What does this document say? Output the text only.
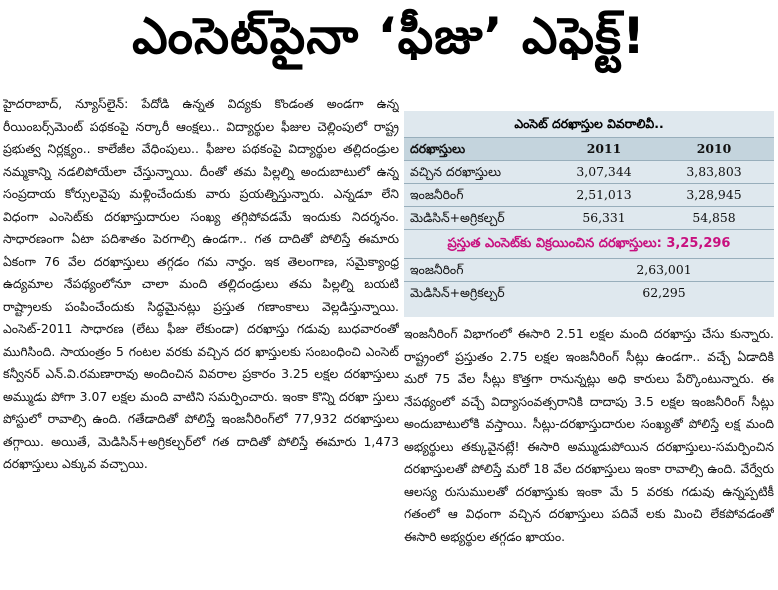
ఎంసెట్‌పైనా ‘ఫీజు’ ఎఫెక్ట్‌!

హైదరాబాద్‌, న్యూస్‌లైన్‌: పేదోడి ఉన్నత విద్యకు కొండంత అండగా ఉన్న రీయింబర్స్‌మెంట్‌ పథకంపై నర్కారీ ఆంక్షలు.. విద్యార్థుల ఫీజుల చెల్లింపులో రాష్ట్ర ప్రభుత్వ నిర్లక్ష్యం.. కాలేజీల వేధింపులు.. ఫీజుల పథకంపై విద్యార్థుల తల్లిదండ్రుల నమ్మకాన్ని నడలిపోయేలా చేస్తున్నాయి. దీంతో తమ పిల్లల్ని అందుబాటులో ఉన్న సంప్రదాయ కోర్సులవైపు మళ్లించేందుకు వారు ప్రయత్నిస్తున్నారు. ఎన్నడూ లేని విధంగా ఎంసెట్‌కు దరఖాస్తుదారుల సంఖ్య తగ్గిపోవడమే ఇందుకు నిదర్శనం. సాధారణంగా ఏటా పదిశాతం పెరగాల్సి ఉండగా.. గత దాదితో పోలిస్తే ఈమారు ఏకంగా 76 వేల దరఖాస్తులు తగ్గడం గమ నార్హం. ఇక తెలంగాణ, సమైక్యాంధ్ర ఉద్యమాల నేపథ్యంలోనూ చాలా మంది తల్లిదండ్రులు తమ పిల్లల్ని బయటి రాష్ట్రాలకు పంపించేందుకు సిద్ధమైనట్లు ప్రస్తుత గణాంకాలు వెల్లడిస్తున్నాయి. ఎంసెట్‌-2011 సాధారణ (లేటు ఫీజు లేకుండా) దరఖాస్తు గడువు బుధవారంతో ముగిసింది. సాయంత్రం 5 గంటల వరకు వచ్చిన దర ఖాస్తులకు సంబంధించి ఎంసెట్‌ కన్వీనర్‌ ఎన్‌.వి.రమణారావు అందించిన వివరాల ప్రకారం 3.25 లక్షల దరఖాస్తులు అమ్ముడు పోగా 3.07 లక్షల మంది వాటిని సమర్పించారు. ఇంకా కొన్ని దరఖా స్తులు పోస్టులో రావాల్సి ఉంది. గతేడాదితో పోలిస్తే ఇంజనీరింగ్‌లో 77,932 దరఖాస్తులు తగ్గాయి. అయితే, మెడిసిన్‌+అగ్రికల్చర్‌లో గత దాదితో పోలిస్తే ఈమారు 1,473 దరఖాస్తులు ఎక్కువ వచ్చాయి.

ఎంసెట్‌ దరఖాస్తుల వివరాలివీ..
దరఖాస్తులు	2011	2010
వచ్చిన దరఖాస్తులు	3,07,344	3,83,803
ఇంజనీరింగ్‌	2,51,013	3,28,945
మెడిసిన్‌+అగ్రికల్చర్‌	56,331	54,858
ప్రస్తుత ఎంసెట్‌కు విక్రయించిన దరఖాస్తులు: 3,25,296
ఇంజనీరింగ్‌	2,63,001
మెడిసిన్‌+అగ్రికల్చర్‌	62,295

ఇంజనీరింగ్‌ విభాగంలో ఈసారి 2.51 లక్షల మంది దరఖాస్తు చేసు కున్నారు. రాష్ట్రంలో ప్రస్తుతం 2.75 లక్షల ఇంజనీరింగ్‌ సీట్లు ఉండగా.. వచ్చే ఏడాదికి మరో 75 వేల సీట్లు కొత్తగా రానున్నట్లు అధి కారులు పేర్కొంటున్నారు. ఈ నేపథ్యంలో వచ్చే విద్యాసంవత్సరానికి దాదాపు 3.5 లక్షల ఇంజనీరింగ్‌ సీట్లు అందుబాటులోకి వస్తాయి. సీట్లు-దరఖాస్తుదారుల సంఖ్యతో పోలిస్తే లక్ష మంది అభ్యర్థులు తక్కువైనట్లే! ఈసారి అమ్ముడుపోయిన దరఖాస్తులు-సమర్పించిన దరఖాస్తులతో పోలిస్తే మరో 18 వేల దరఖాస్తులు ఇంకా రావాల్సి ఉంది. వేర్వేరు ఆలస్య రుసుములతో దరఖాస్తుకు ఇంకా మే 5 వరకు గడువు ఉన్నప్పటికీ గతంలో ఆ విధంగా వచ్చిన దరఖాస్తులు పదివే లకు మించి లేకపోవడంతో ఈసారి అభ్యర్థుల తగ్గడం ఖాయం.
